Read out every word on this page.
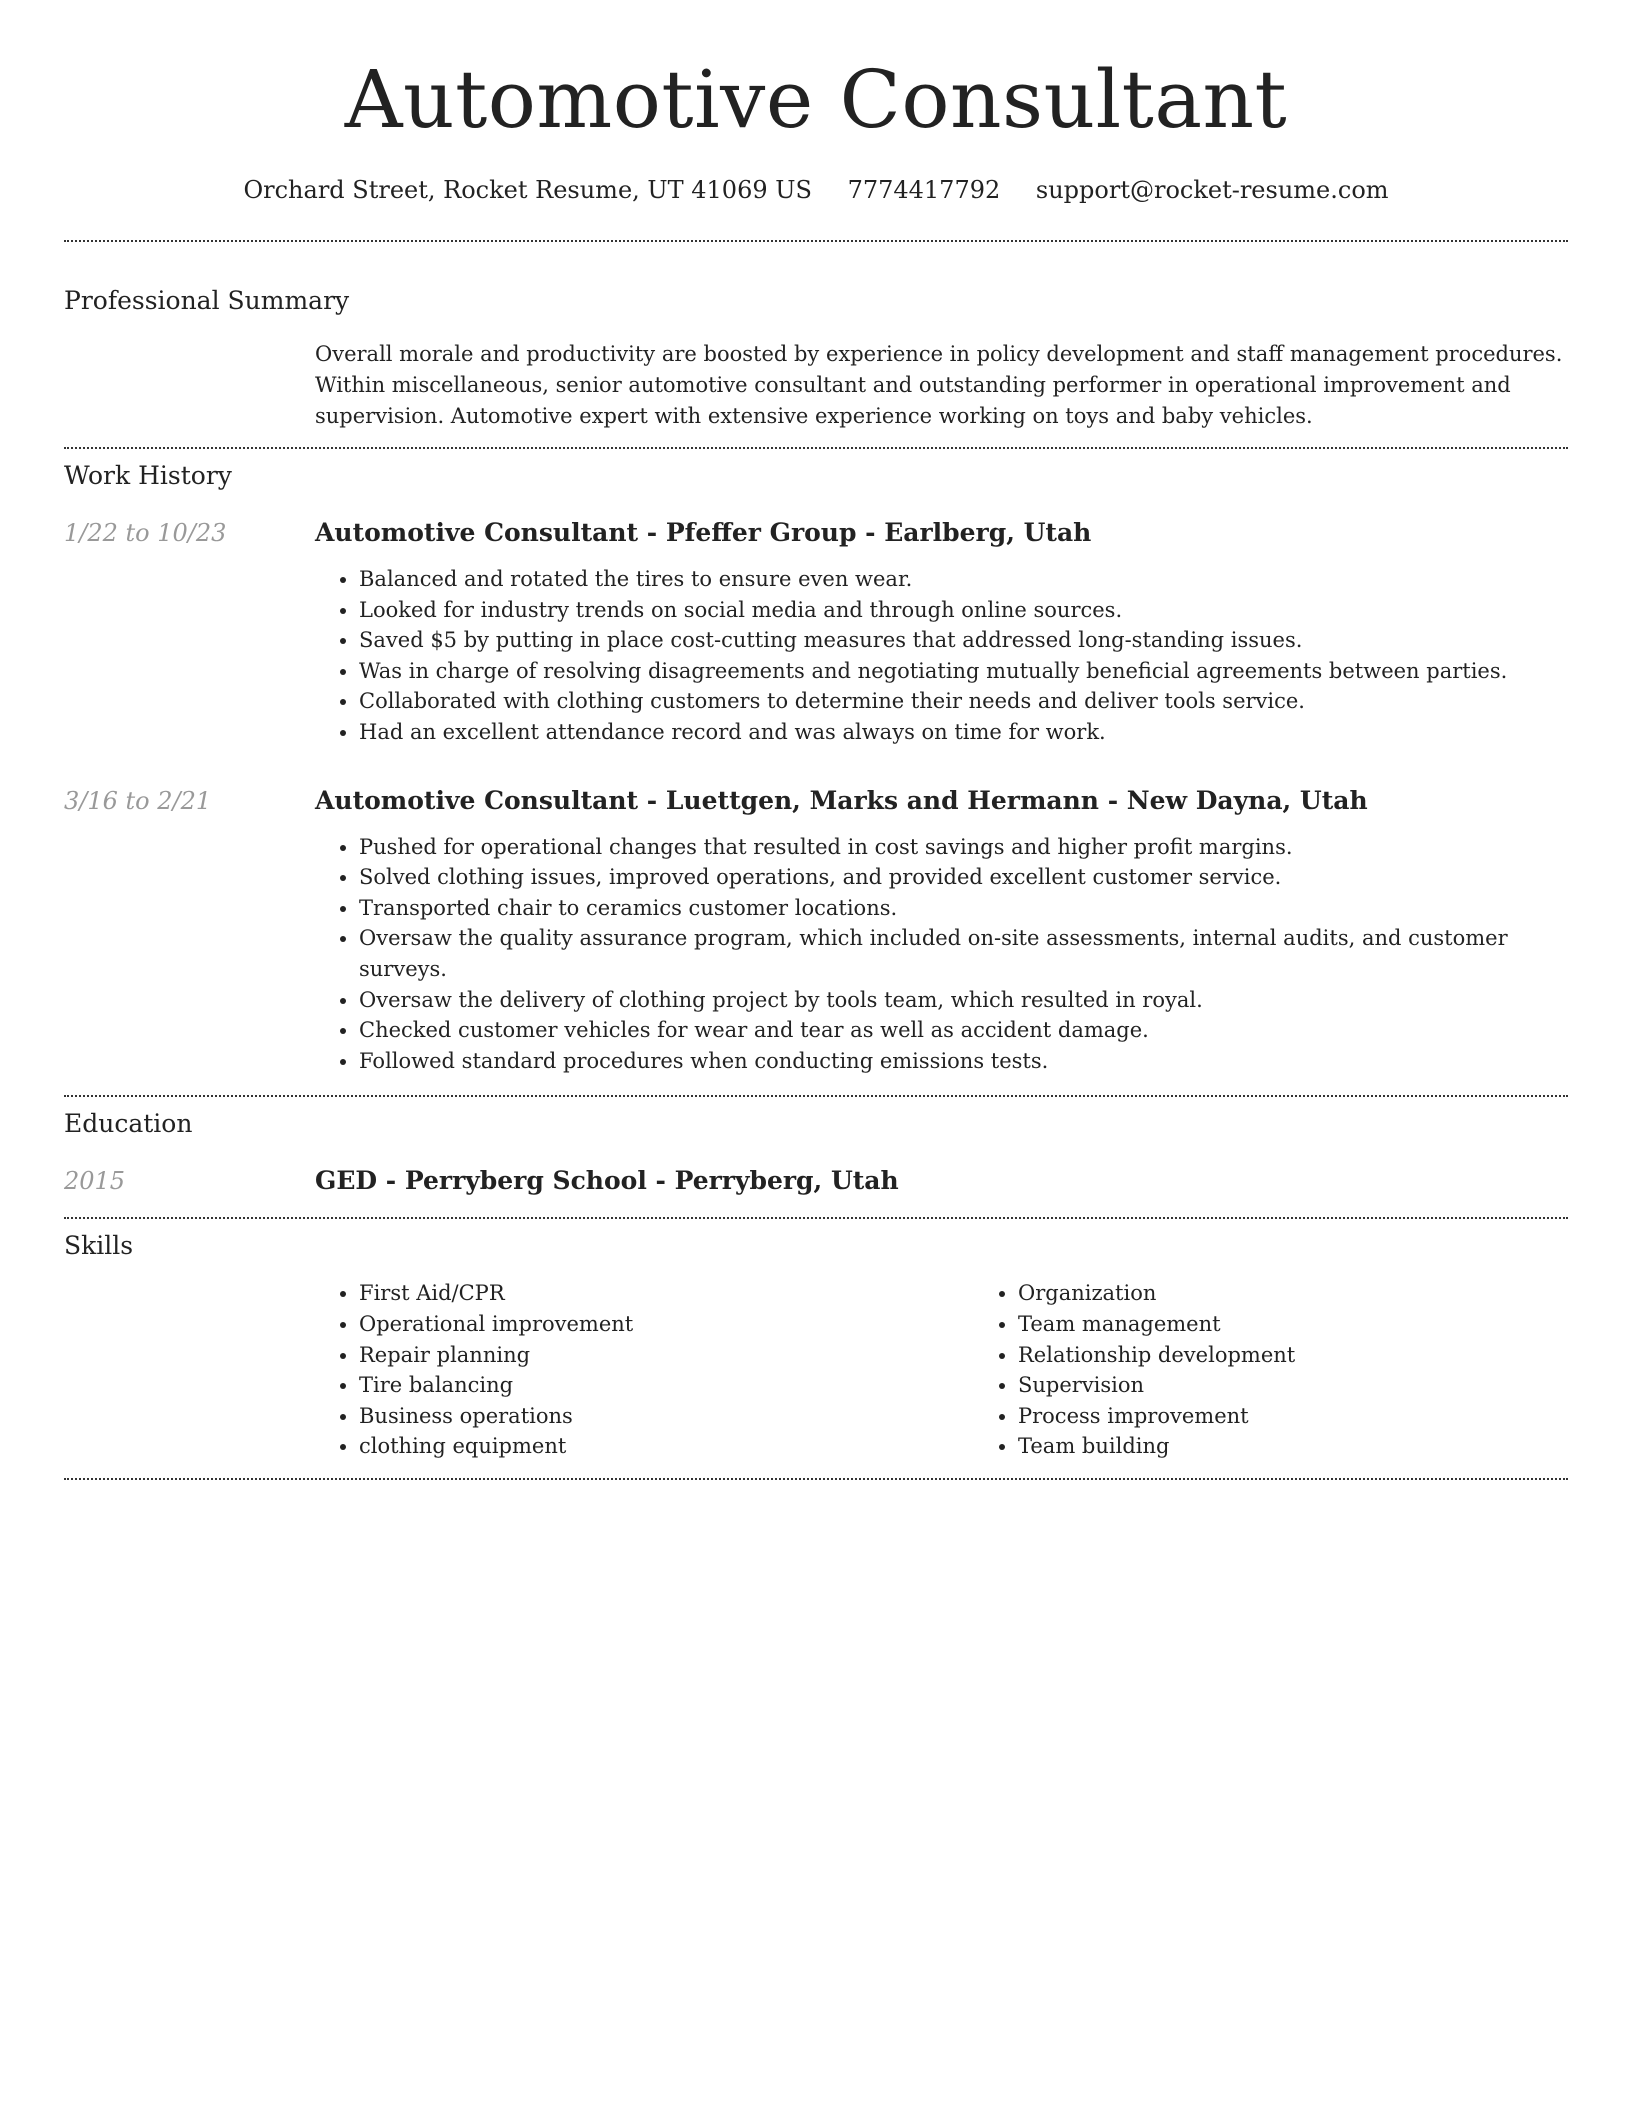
Automotive Consultant
Orchard Street, Rocket Resume, UT 41069 US 7774417792 support@rocket-resume.com
Professional Summary

Overall morale and productivity are boosted by experience in policy development and staff management procedures. Within miscellaneous, senior automotive consultant and outstanding performer in operational improvement and supervision. Automotive expert with extensive experience working on toys and baby vehicles.

Work History
1/22 to 10/23	Automotive Consultant - Pfeffer Group - Earlberg, Utah
• Balanced and rotated the tires to ensure even wear.
• Looked for industry trends on social media and through online sources.
• Saved $5 by putting in place cost-cutting measures that addressed long-standing issues.
• Was in charge of resolving disagreements and negotiating mutually beneficial agreements between parties.
• Collaborated with clothing customers to determine their needs and deliver tools service.
• Had an excellent attendance record and was always on time for work.
3/16 to 2/21	Automotive Consultant - Luettgen, Marks and Hermann - New Dayna, Utah
• Pushed for operational changes that resulted in cost savings and higher profit margins.
• Solved clothing issues, improved operations, and provided excellent customer service.
• Transported chair to ceramics customer locations.
• Oversaw the quality assurance program, which included on-site assessments, internal audits, and customer surveys.
• Oversaw the delivery of clothing project by tools team, which resulted in royal.
• Checked customer vehicles for wear and tear as well as accident damage.
• Followed standard procedures when conducting emissions tests.
Education
2015	GED - Perryberg School - Perryberg, Utah
Skills
• First Aid/CPR
• Operational improvement
• Repair planning
• Tire balancing
• Business operations
• clothing equipment
• Organization
• Team management
• Relationship development
• Supervision
• Process improvement
• Team building
